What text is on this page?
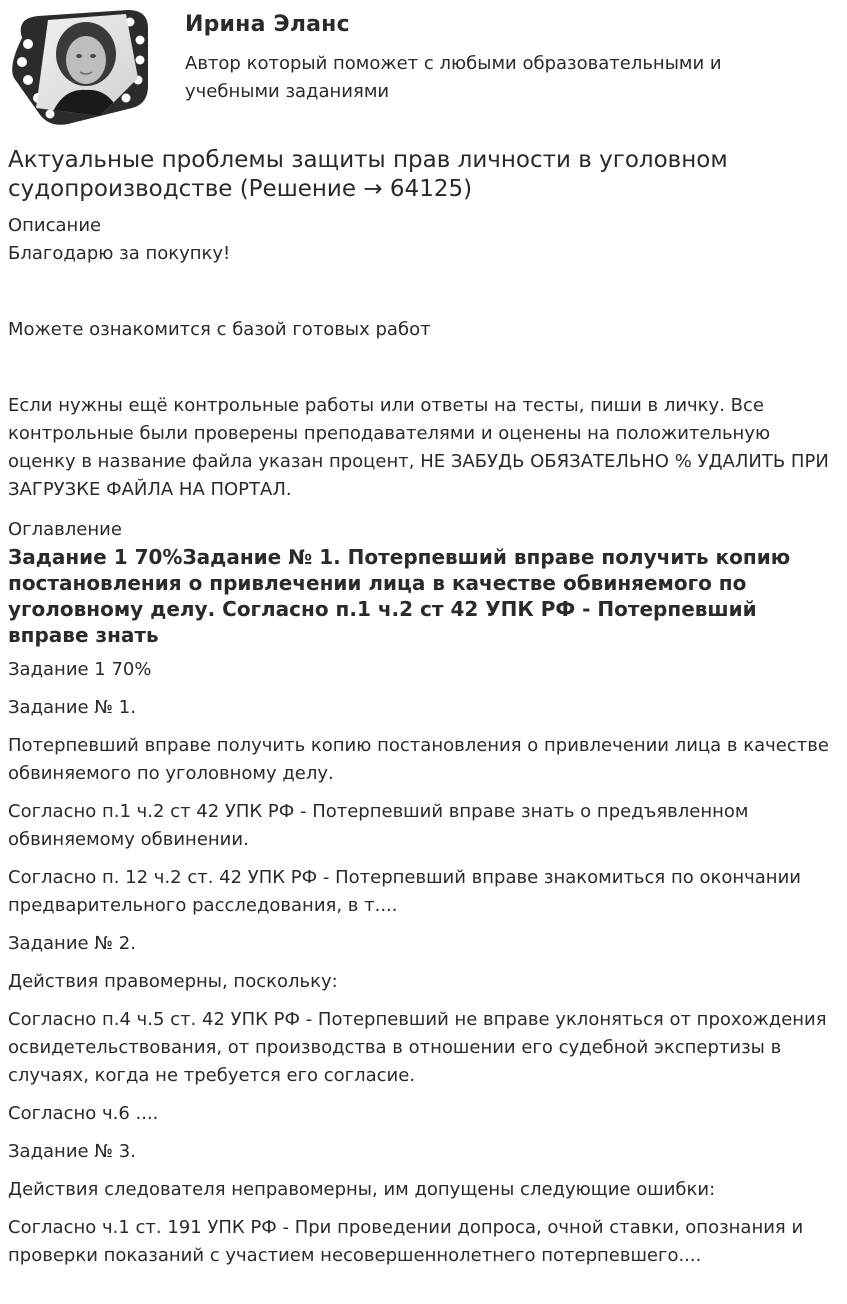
Ирина Эланс
Автор который поможет с любыми образовательными и учебными заданиями
Актуальные проблемы защиты прав личности в уголовном судопроизводстве (Решение → 64125)
Описание

Благодарю за покупку!

Можете ознакомится с базой готовых работ

Если нужны ещё контрольные работы или ответы на тесты, пиши в личку. Все контрольные были проверены преподавателями и оценены на положительную оценку в название файла указан процент, НЕ ЗАБУДЬ ОБЯЗАТЕЛЬНО % УДАЛИТЬ ПРИ ЗАГРУЗКЕ ФАЙЛА НА ПОРТАЛ.

Оглавление
Задание 1 70%Задание № 1. Потерпевший вправе получить копию постановления о привлечении лица в качестве обвиняемого по уголовному делу. Согласно п.1 ч.2 ст 42 УПК РФ - Потерпевший вправе знать

Задание 1 70%

Задание № 1.

Потерпевший вправе получить копию постановления о привлечении лица в качестве обвиняемого по уголовному делу.

Согласно п.1 ч.2 ст 42 УПК РФ - Потерпевший вправе знать о предъявленном обвиняемому обвинении.

Согласно п. 12 ч.2 ст. 42 УПК РФ - Потерпевший вправе знакомиться по окончании предварительного расследования, в т....

Задание № 2.

Действия правомерны, поскольку:

Согласно п.4 ч.5 ст. 42 УПК РФ - Потерпевший не вправе уклоняться от прохождения освидетельствования, от производства в отношении его судебной экспертизы в случаях, когда не требуется его согласие.

Согласно ч.6 ....

Задание № 3.

Действия следователя неправомерны, им допущены следующие ошибки:

Согласно ч.1 ст. 191 УПК РФ - При проведении допроса, очной ставки, опознания и проверки показаний с участием несовершеннолетнего потерпевшего....
